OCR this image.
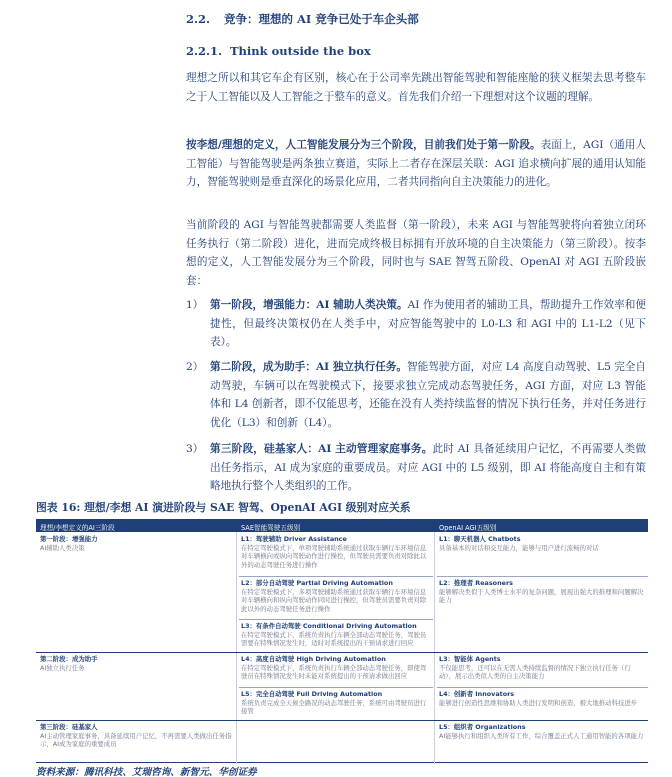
2.2. 竞争：理想的 AI 竞争已处于车企头部
2.2.1. Think outside the box

理想之所以和其它车企有区别，核心在于公司率先跳出智能驾驶和智能座舱的狭义框架去思考整车之于人工智能以及人工智能之于整车的意义。首先我们介绍一下理想对这个议题的理解。

按李想/理想的定义，人工智能发展分为三个阶段，目前我们处于第一阶段。表面上，AGI（通用人工智能）与智能驾驶是两条独立赛道，实际上二者存在深层关联：AGI 追求横向扩展的通用认知能力，智能驾驶则是垂直深化的场景化应用，二者共同指向自主决策能力的进化。

当前阶段的 AGI 与智能驾驶都需要人类监督（第一阶段），未来 AGI 与智能驾驶将向着独立闭环任务执行（第二阶段）进化，进而完成终极目标拥有开放环境的自主决策能力（第三阶段）。按李想的定义，人工智能发展分为三个阶段，同时也与 SAE 智驾五阶段、OpenAI 对 AGI 五阶段嵌套：

1） 第一阶段，增强能力：AI 辅助人类决策。AI 作为使用者的辅助工具，帮助提升工作效率和便捷性，但最终决策权仍在人类手中，对应智能驾驶中的 L0-L3 和 AGI 中的 L1-L2（见下表）。
2） 第二阶段，成为助手：AI 独立执行任务。智能驾驶方面，对应 L4 高度自动驾驶、L5 完全自动驾驶，车辆可以在驾驶模式下，接要求独立完成动态驾驶任务，AGI 方面，对应 L3 智能体和 L4 创新者，即不仅能思考，还能在没有人类持续监督的情况下执行任务，并对任务进行优化（L3）和创新（L4）。
3） 第三阶段，硅基家人：AI 主动管理家庭事务。此时 AI 具备延续用户记忆，不再需要人类做出任务指示，AI 成为家庭的重要成员。对应 AGI 中的 L5 级别，即 AI 将能高度自主和有策略地执行整个人类组织的工作。
图表 16: 理想/李想 AI 演进阶段与 SAE 智驾、OpenAI AGI 级别对应关系
理想/李想定义的AI三阶段	SAE智能驾驶五级别	OpenAI AGI五级别
第一阶段：增强能力
AI辅助人类决策
L1：驾驶辅助 Driver Assistance
在特定驾驶模式下，单项驾驶辅助系统通过获取车辆行车环境信息对车辆横向或纵向驾驶动作进行操控，但驾驶员需要负责对除此以外的动态驾驶任务进行操作
L2：部分自动驾驶 Partial Driving Automation
在特定驾驶模式下，多项驾驶辅助系统通过获取车辆行车环境信息对车辆横向和纵向驾驶动作同时进行操控，但驾驶员需要负责对除此以外的动态驾驶任务进行操作
L3：有条件自动驾驶 Conditional Driving Automation
在特定驾驶模式下，系统负责执行车辆全部动态驾驶任务，驾驶员需要在特殊情况发生时，适时对系统提出的干预请求进行回应
L1：聊天机器人 Chatbots
具备基本的对话和交互能力，能够与用户进行流畅的对话
L2：推理者 Reasoners
能够解决类似于人类博士水平的复杂问题，展现出强大的推理和问题解决能力
第二阶段：成为助手
AI独立执行任务
L4：高度自动驾驶 High Driving Automation
在特定驾驶模式下，系统负责执行车辆全部动态驾驶任务，即使驾驶员在特殊情况发生时未能对系统提出的干预请求做出回应
L5：完全自动驾驶 Full Driving Automation
系统负责完成全天候全路况的动态驾驶任务，系统可由驾驶员进行接管
L3：智能体 Agents
不仅能思考，还可以在无需人类持续监督的情况下独立执行任务（行动），展示出类似人类的自主决策能力
L4：创新者 Innovators
能够进行创造性思维和协助人类进行发明和创造，极大地推动科技进步
第三阶段：硅基家人
AI主动管理家庭事务，具备延续用户记忆，不再需要人类做出任务指示，AI成为家庭的重要成员
L5：组织者 Organizations
AI能够执行和组织人类所有工作，综合覆盖正式人工通用智能的各项能力
资料来源：腾讯科技、艾瑞咨询、新智元、华创证券
